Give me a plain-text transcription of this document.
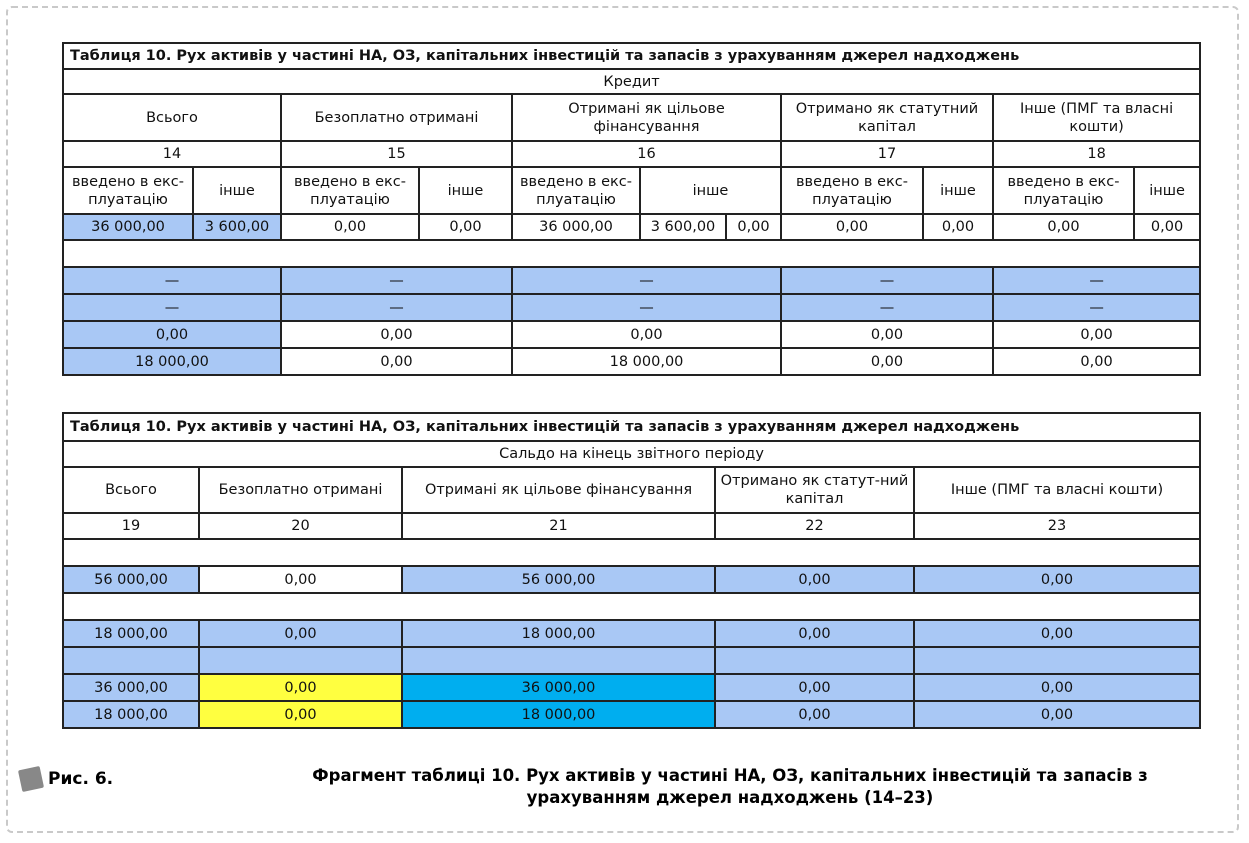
Таблиця 10. Рух активів у частині НА, ОЗ, капітальних інвестицій та запасів з урахуванням джерел надходжень										
Кредит										
Всього		Безоплатно отримані		Отримані як цільове фінансування			Отримано як статутний капітал		Інше (ПМГ та власні кошти)	
14		15		16			17		18	
введено в екс-плуатацію	інше	введено в екс-плуатацію	інше	введено в екс-плуатацію	інше		введено в екс-плуатацію	інше	введено в екс-плуатацію	інше
36 000,00	3 600,00	0,00	0,00	36 000,00	3 600,00	0,00	0,00	0,00	0,00	0,00

—		—		—			—		—	
—		—		—			—		—	
0,00		0,00		0,00			0,00		0,00	
18 000,00		0,00		18 000,00			0,00		0,00	
Таблиця 10. Рух активів у частині НА, ОЗ, капітальних інвестицій та запасів з урахуванням джерел надходжень				
Сальдо на кінець звітного періоду				
Всього	Безоплатно отримані	Отримані як цільове фінансування	Отримано як статут-ний капітал	Інше (ПМГ та власні кошти)
19	20	21	22	23

56 000,00	0,00	56 000,00	0,00	0,00

18 000,00	0,00	18 000,00	0,00	0,00

36 000,00	0,00	36 000,00	0,00	0,00
18 000,00	0,00	18 000,00	0,00	0,00
Рис. 6.	Фрагмент таблиці 10. Рух активів у частині НА, ОЗ, капітальних інвестицій та запасів з урахуванням джерел надходжень (14–23)
